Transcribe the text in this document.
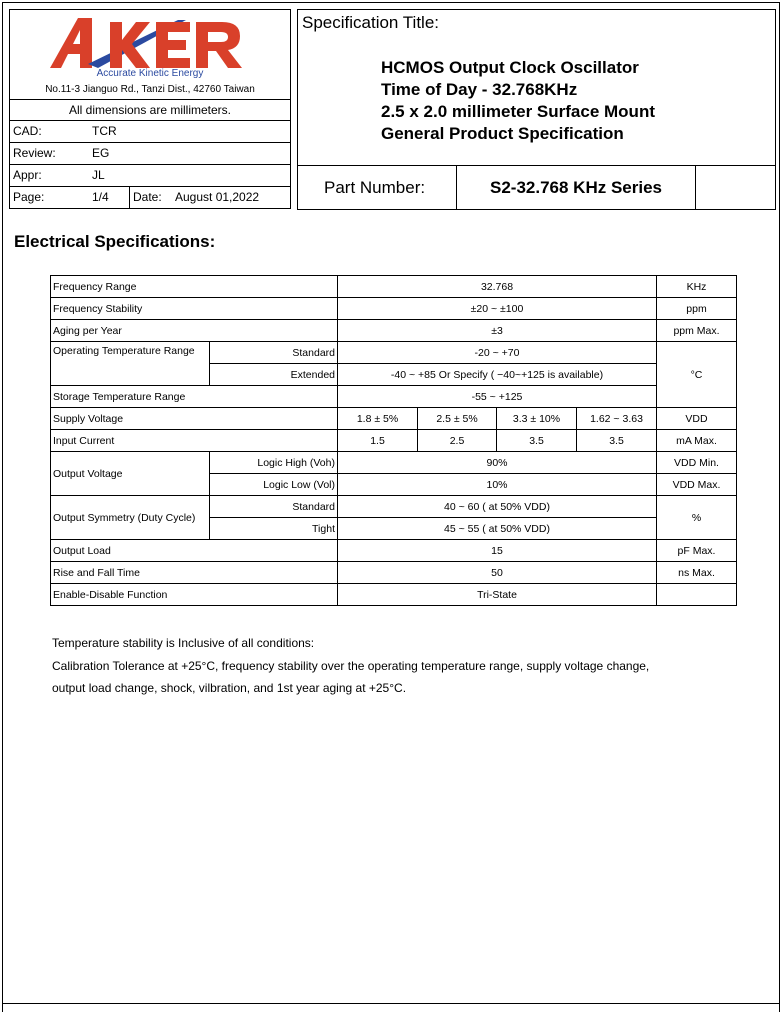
Accurate Kinetic Energy
No.11-3 Jianguo Rd., Tanzi Dist., 42760 Taiwan
All dimensions are millimeters.
CAD:	TCR
Review:	EG
Appr:	JL
Page:	1/4	Date: August 01,2022
Specification Title:
HCMOS Output Clock Oscillator
Time of Day - 32.768KHz
2.5 x 2.0 millimeter Surface Mount
General Product Specification
Part Number:	S2-32.768 KHz Series
Electrical Specifications:
Frequency Range		32.768				KHz
Frequency Stability		±20 ~ ±100				ppm
Aging per Year		±3				ppm Max.
Operating Temperature Range	Standard	-20 ~ +70				°C
	Extended	-40 ~ +85 Or Specify ( −40~+125 is available)				
Storage Temperature Range		-55 ~ +125				
Supply Voltage		1.8 ± 5%	2.5 ± 5%	3.3 ± 10%	1.62 ~ 3.63	VDD
Input Current		1.5	2.5	3.5	3.5	mA Max.
Output Voltage	Logic High (Voh)	90%				VDD Min.
	Logic Low (Vol)	10%				VDD Max.
Output Symmetry (Duty Cycle)	Standard	40 ~ 60 ( at 50% VDD)				%
	Tight	45 ~ 55 ( at 50% VDD)				
Output Load		15				pF Max.
Rise and Fall Time		50				ns Max.
Enable-Disable Function		Tri-State				
Temperature stability is Inclusive of all conditions:
Calibration Tolerance at +25°C, frequency stability over the operating temperature range, supply voltage change,
output load change, shock, vilbration, and 1st year aging at +25°C.
